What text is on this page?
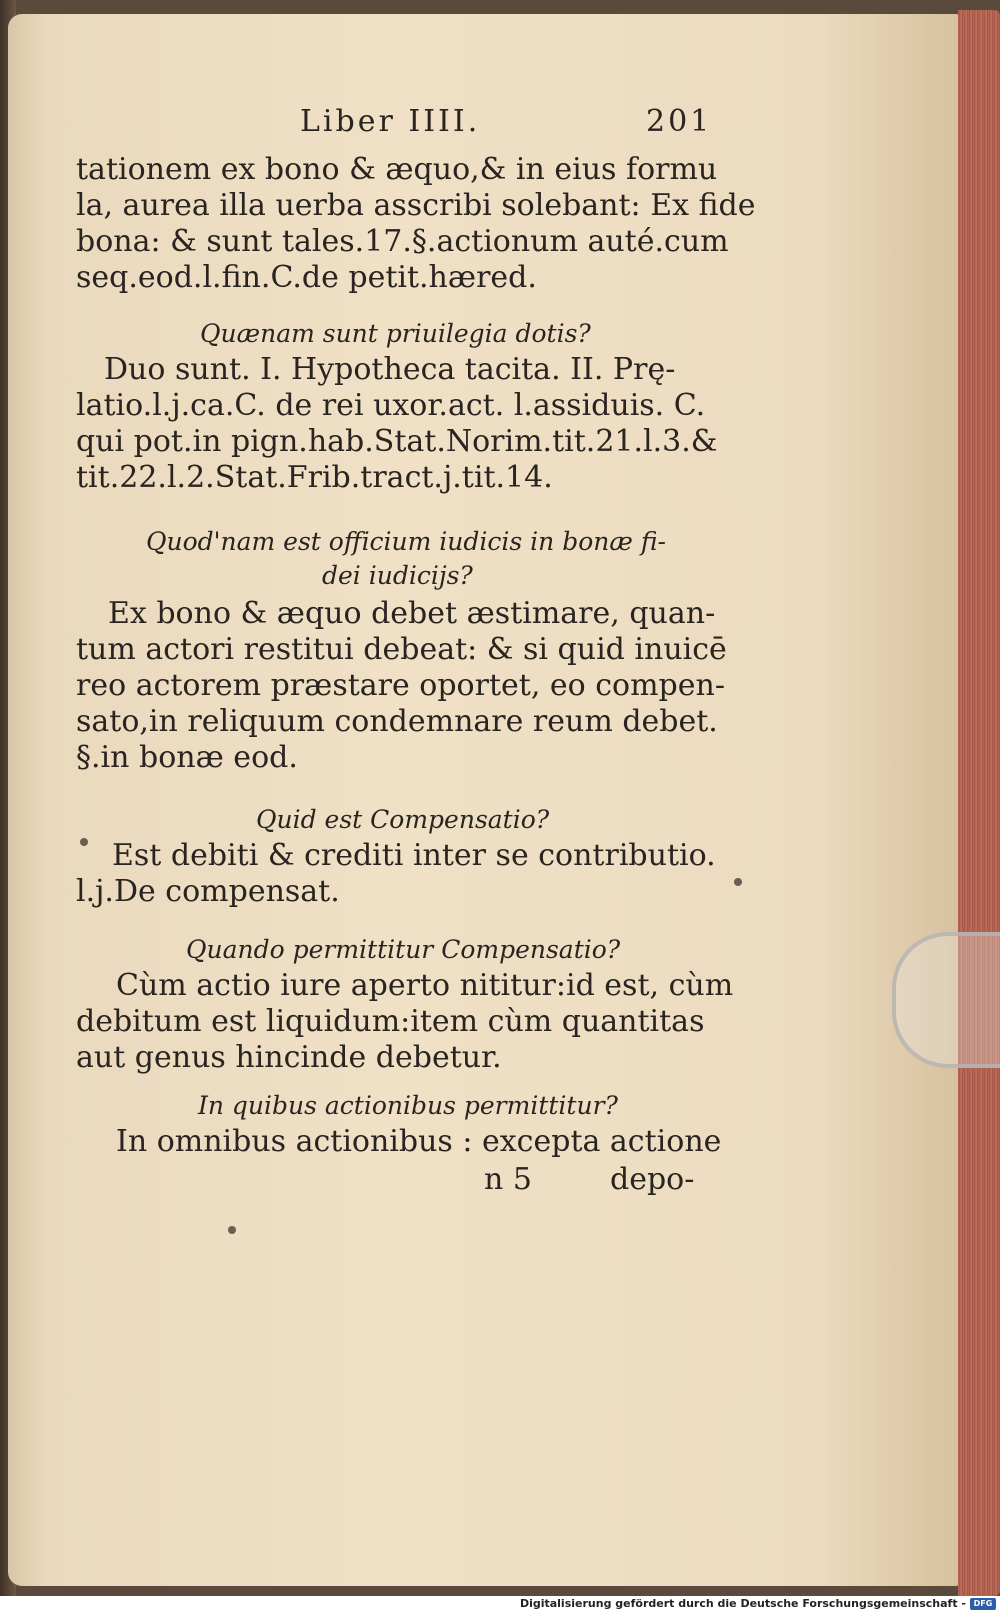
Liber IIII.	201
tationem ex bono & æquo,& in eius formu
la, aurea illa uerba asscribi solebant: Ex fide
bona: & sunt tales.17.§.actionum auté.cum
seq.eod.l.fin.C.de petit.hæred.
Quænam sunt priuilegia dotis?
Duo sunt. I. Hypotheca tacita. II. Prę-
latio.l.j.ca.C. de rei uxor.act. l.assiduis. C.
qui pot.in pign.hab.Stat.Norim.tit.21.l.3.&
tit.22.l.2.Stat.Frib.tract.j.tit.14.
Quod'nam est officium iudicis in bonæ fi-
dei iudicijs?
Ex bono & æquo debet æstimare, quan-
tum actori restitui debeat: & si quid inuicē
reo actorem præstare oportet, eo compen-
sato,in reliquum condemnare reum debet.
§.in bonæ eod.
Quid est Compensatio?
Est debiti & crediti inter se contributio.
l.j.De compensat.
Quando permittitur Compensatio?
Cùm actio iure aperto nititur:id est, cùm
debitum est liquidum:item cùm quantitas
aut genus hincinde debetur.
In quibus actionibus permittitur?
In omnibus actionibus : excepta actione
n 5	depo-
Digitalisierung gefördert durch die Deutsche Forschungsgemeinschaft - DFG
